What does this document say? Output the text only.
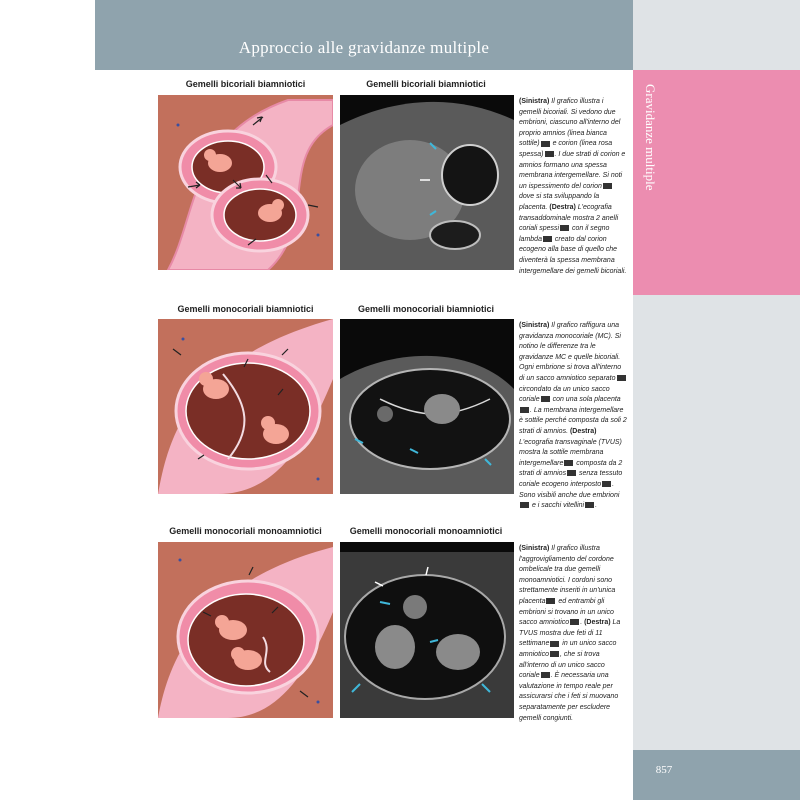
Approccio alle gravidanze multiple
Gravidanze multiple
857
Gemelli bicoriali biamniotici	Gemelli bicoriali biamniotici
(Sinistra) Il grafico illustra i gemelli bicoriali. Si vedono due embrioni, ciascuno all'interno del proprio amnios (linea bianca sottile) e corion (linea rosa spessa) . I due strati di corion e amnios formano una spessa membrana intergemellare. Si noti un ispessimento del corion dove si sta sviluppando la placenta. (Destra) L'ecografia transaddominale mostra 2 anelli coriali spessi con il segno lambda creato dal corion ecogeno alla base di quello che diventerà la spessa membrana intergemellare dei gemelli bicoriali.
Gemelli monocoriali biamniotici	Gemelli monocoriali biamniotici
(Sinistra) Il grafico raffigura una gravidanza monocoriale (MC). Si notino le differenze tra le gravidanze MC e quelle bicoriali. Ogni embrione si trova all'interno di un sacco amniotico separato circondato da un unico sacco coriale con una sola placenta. La membrana intergemellare è sottile perché composta da soli 2 strati di amnios. (Destra) L'ecografia transvaginale (TVUS) mostra la sottile membrana intergemellare composta da 2 strati di amnios senza tessuto coriale ecogeno interposto . Sono visibili anche due embrioni e i sacchi vitellini .
Gemelli monocoriali monoamniotici	Gemelli monocoriali monoamniotici
(Sinistra) Il grafico illustra l'aggrovigliamento del cordone ombelicale tra due gemelli monoamniotici. I cordoni sono strettamente inseriti in un'unica placenta ed entrambi gli embrioni si trovano in un unico sacco amniotico . (Destra) La TVUS mostra due feti di 11 settimane in un unico sacco amniotico , che si trova all'interno di un unico sacco coriale . È necessaria una valutazione in tempo reale per assicurarsi che i feti si muovano separatamente per escludere gemelli congiunti.
